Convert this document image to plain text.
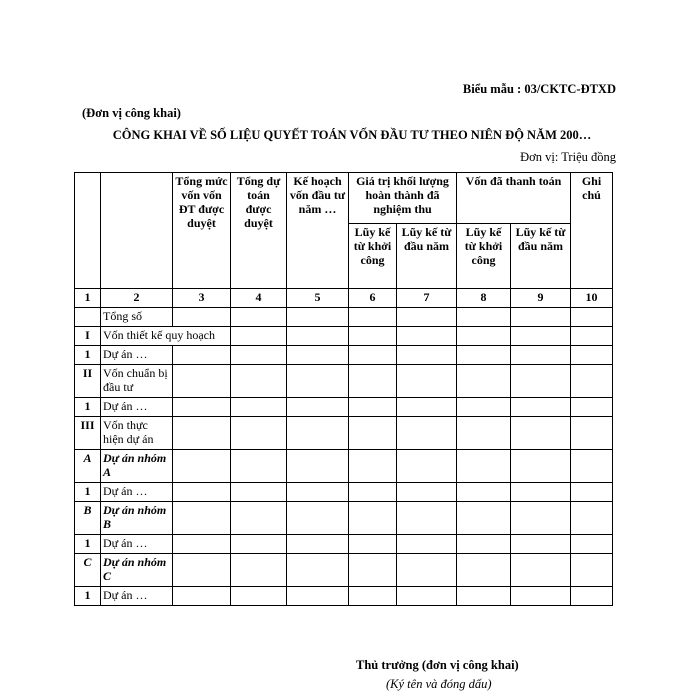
Biểu mẫu : 03/CKTC-ĐTXD
(Đơn vị công khai)
CÔNG KHAI VỀ SỐ LIỆU QUYẾT TOÁN VỐN ĐẦU TƯ THEO NIÊN ĐỘ NĂM 200…
Đơn vị: Triệu đồng
		Tổng mức vốn vốn ĐT được duyệt	Tổng dự toán được duyệt	Kế hoạch vốn đầu tư năm …	Giá trị khối lượng hoàn thành đã nghiệm thu		Vốn đã thanh toán		Ghi chú
					Lũy kế từ khởi công	Lũy kế từ đầu năm	Lũy kế từ khởi công	Lũy kế từ đầu năm	
1	2	3	4	5	6	7	8	9	10
	Tổng số								
I	Vốn thiết kế quy hoạch								
1	Dự án …								
II	Vốn chuẩn bị đầu tư								
1	Dự án …								
III	Vốn thực hiện dự án								
A	Dự án nhóm A								
1	Dự án …								
B	Dự án nhóm B								
1	Dự án …								
C	Dự án nhóm C								
1	Dự án …								
Thủ trưởng (đơn vị công khai)
(Ký tên và đóng dấu)
